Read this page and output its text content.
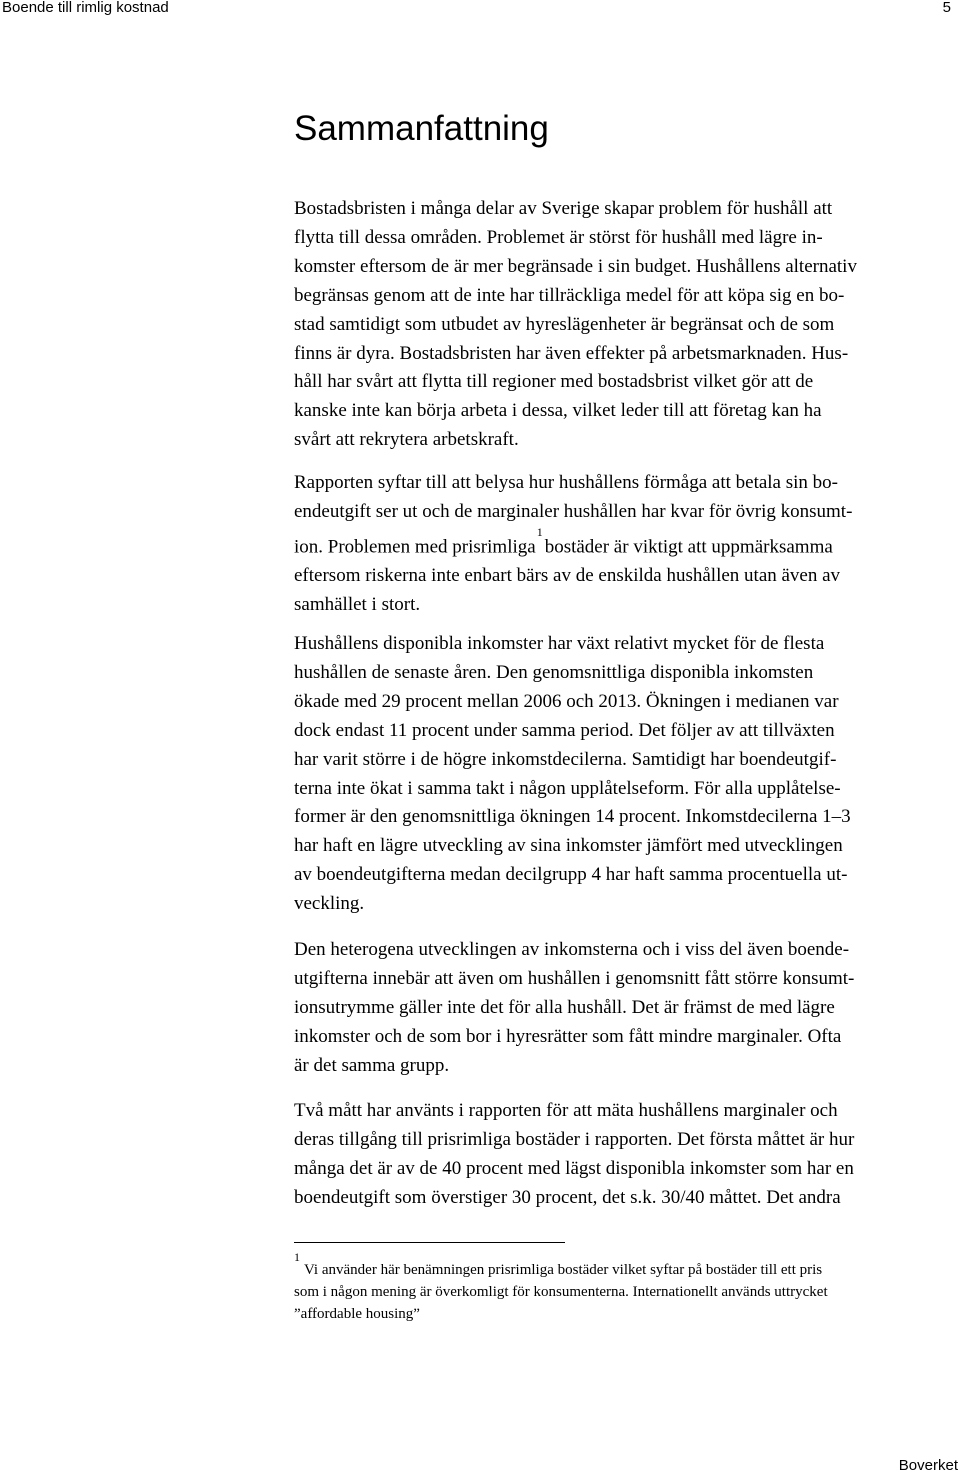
Boende till rimlig kostnad	5
Sammanfattning

Bostadsbristen i många delar av Sverige skapar problem för hushåll att

flytta till dessa områden. Problemet är störst för hushåll med lägre in-

komster eftersom de är mer begränsade i sin budget. Hushållens alternativ

begränsas genom att de inte har tillräckliga medel för att köpa sig en bo-

stad samtidigt som utbudet av hyreslägenheter är begränsat och de som

finns är dyra. Bostadsbristen har även effekter på arbetsmarknaden. Hus-

håll har svårt att flytta till regioner med bostadsbrist vilket gör att de

kanske inte kan börja arbeta i dessa, vilket leder till att företag kan ha

svårt att rekrytera arbetskraft.

Rapporten syftar till att belysa hur hushållens förmåga att betala sin bo-

endeutgift ser ut och de marginaler hushållen har kvar för övrig konsumt-

ion. Problemen med prisrimliga$^1$bostäder är viktigt att uppmärksamma

eftersom riskerna inte enbart bärs av de enskilda hushållen utan även av

samhället i stort.

Hushållens disponibla inkomster har växt relativt mycket för de flesta

hushållen de senaste åren. Den genomsnittliga disponibla inkomsten

ökade med 29 procent mellan 2006 och 2013. Ökningen i medianen var

dock endast 11 procent under samma period. Det följer av att tillväxten

har varit större i de högre inkomstdecilerna. Samtidigt har boendeutgif-

terna inte ökat i samma takt i någon upplåtelseform. För alla upplåtelse-

former är den genomsnittliga ökningen 14 procent. Inkomstdecilerna 1–3

har haft en lägre utveckling av sina inkomster jämfört med utvecklingen

av boendeutgifterna medan decilgrupp 4 har haft samma procentuella ut-

veckling.

Den heterogena utvecklingen av inkomsterna och i viss del även boende-

utgifterna innebär att även om hushållen i genomsnitt fått större konsumt-

ionsutrymme gäller inte det för alla hushåll. Det är främst de med lägre

inkomster och de som bor i hyresrätter som fått mindre marginaler. Ofta

är det samma grupp.

Två mått har använts i rapporten för att mäta hushållens marginaler och

deras tillgång till prisrimliga bostäder i rapporten. Det första måttet är hur

många det är av de 40 procent med lägst disponibla inkomster som har en

boendeutgift som överstiger 30 procent, det s.k. 30/40 måttet. Det andra

$^1$Vi använder här benämningen prisrimliga bostäder vilket syftar på bostäder till ett pris

som i någon mening är överkomligt för konsumenterna. Internationellt används uttrycket

”affordable housing”

Boverket
